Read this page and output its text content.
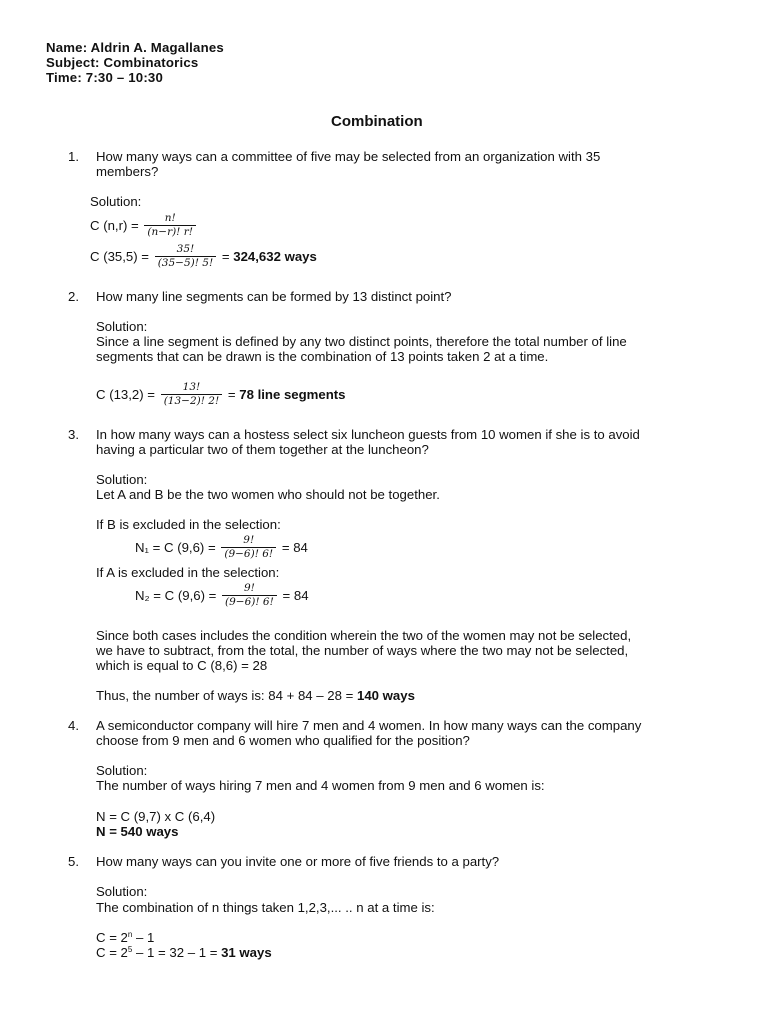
Name: Aldrin A. Magallanes
Subject: Combinatorics
Time: 7:30 – 10:30
Combination
1. How many ways can a committee of five may be selected from an organization with 35
members?
Solution:
C $(n,r) = \frac{n!}{(n-r)! r!}$
C $(35,5) = \frac{35!}{(35-5)! 5!} = 324,632$ ways
2. How many line segments can be formed by 13 distinct point?
Solution:
Since a line segment is defined by any two distinct points, therefore the total number of line
segments that can be drawn is the combination of 13 points taken 2 at a time.
C $(13,2) = \frac{13!}{(13-2)! 2!} = 78$ line segments
3. In how many ways can a hostess select six luncheon guests from 10 women if she is to avoid
having a particular two of them together at the luncheon?
Solution:
Let A and B be the two women who should not be together.
If B is excluded in the selection:
N₁ = C $(9,6) = \frac{9!}{(9-6)! 6!} = 84$
If A is excluded in the selection:
N₂ = C $(9,6) = \frac{9!}{(9-6)! 6!} = 84$
Since both cases includes the condition wherein the two of the women may not be selected,
we have to subtract, from the total, the number of ways where the two may not be selected,
which is equal to C (8,6) = 28
Thus, the number of ways is: 84 + 84 – 28 = 140 ways
4. A semiconductor company will hire 7 men and 4 women. In how many ways can the company
choose from 9 men and 6 women who qualified for the position?
Solution:
The number of ways hiring 7 men and 4 women from 9 men and 6 women is:
N = C (9,7) x C (6,4)
N = 540 ways
5. How many ways can you invite one or more of five friends to a party?
Solution:
The combination of n things taken 1,2,3,... .. n at a time is:
$C = 2^n - 1$
$C = 2^5 - 1 = 32 - 1 = 31$ ways
